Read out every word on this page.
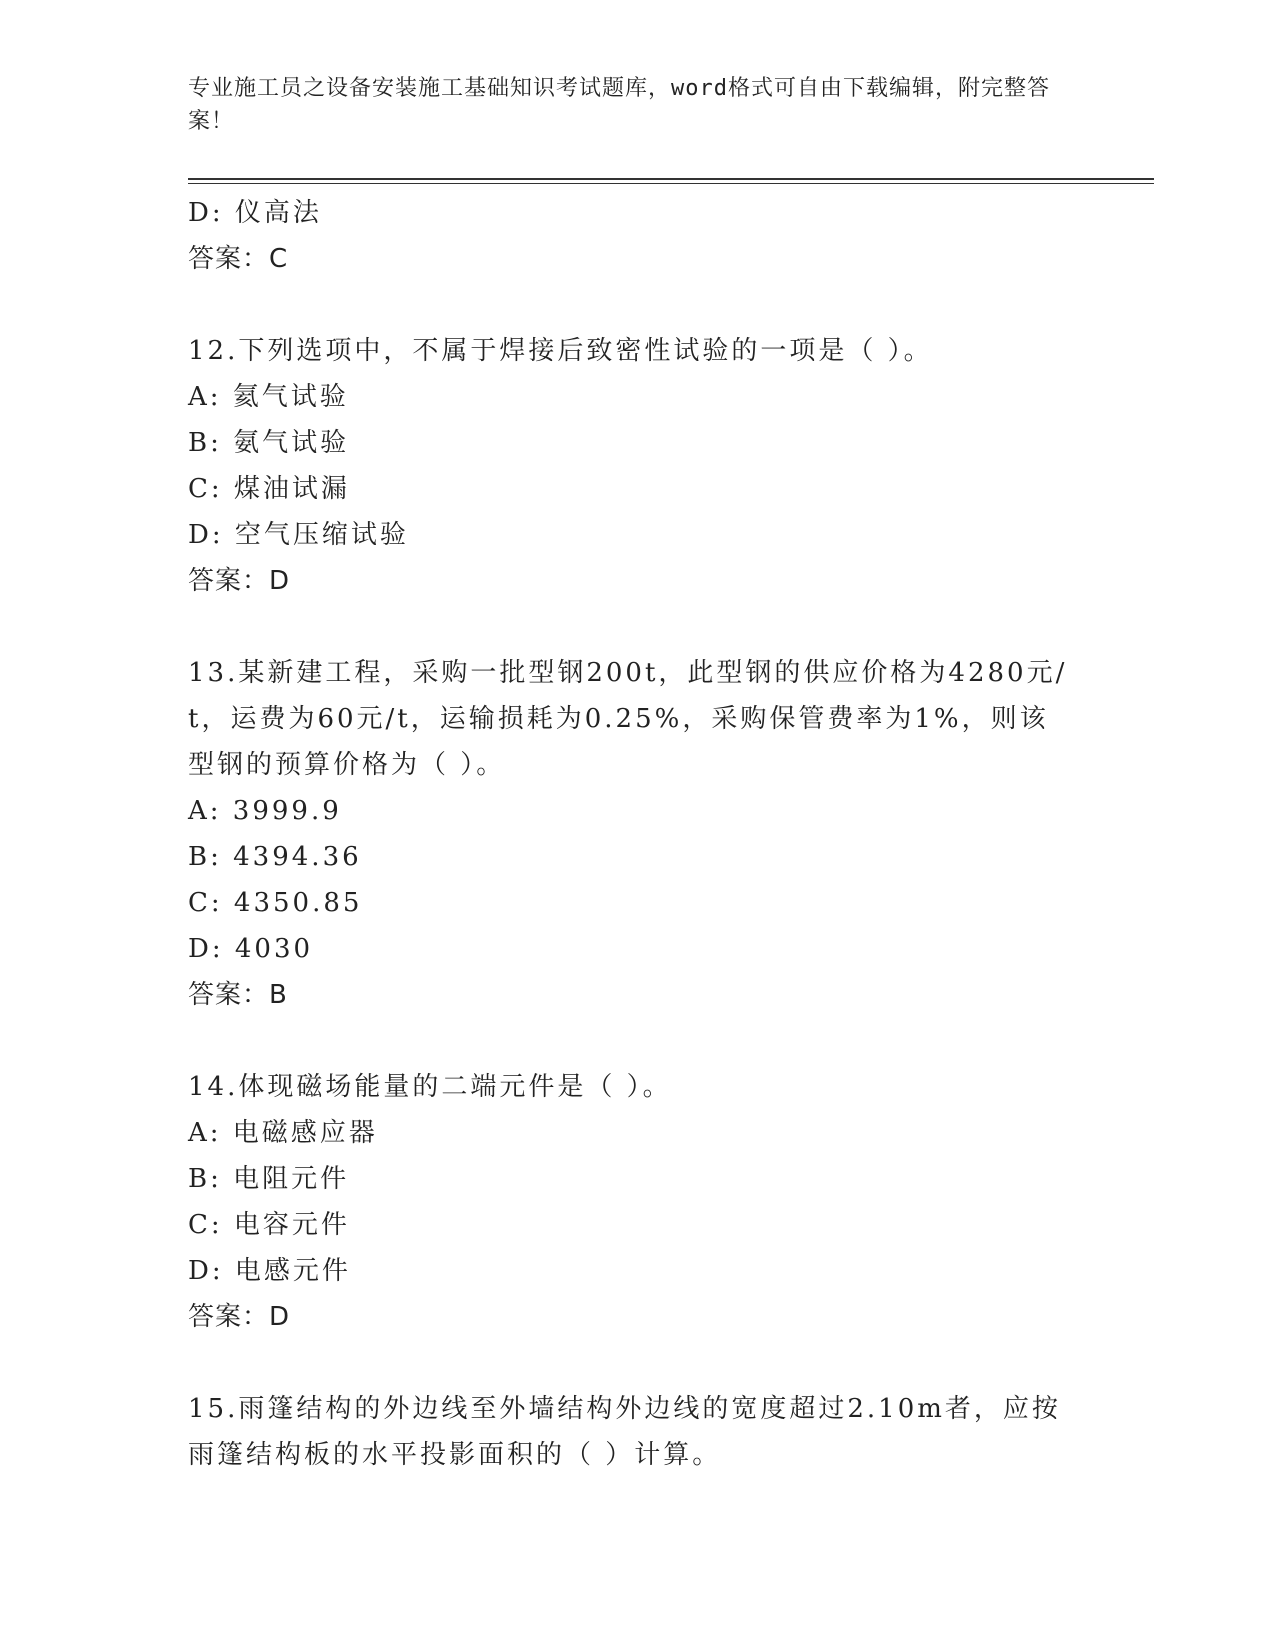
专业施工员之设备安装施工基础知识考试题库，word格式可自由下载编辑，附完整答案！
D: 仪高法
答案：C
12.下列选项中，不属于焊接后致密性试验的一项是（ ）。
A: 氦气试验
B: 氨气试验
C: 煤油试漏
D: 空气压缩试验
答案：D
13.某新建工程，采购一批型钢200t，此型钢的供应价格为4280元/t，运费为60元/t，运输损耗为0.25%，采购保管费率为1%，则该型钢的预算价格为（ ）。
A: 3999.9
B: 4394.36
C: 4350.85
D: 4030
答案：B
14.体现磁场能量的二端元件是（ ）。
A: 电磁感应器
B: 电阻元件
C: 电容元件
D: 电感元件
答案：D
15.雨篷结构的外边线至外墙结构外边线的宽度超过2.10m者，应按雨篷结构板的水平投影面积的（ ）计算。
